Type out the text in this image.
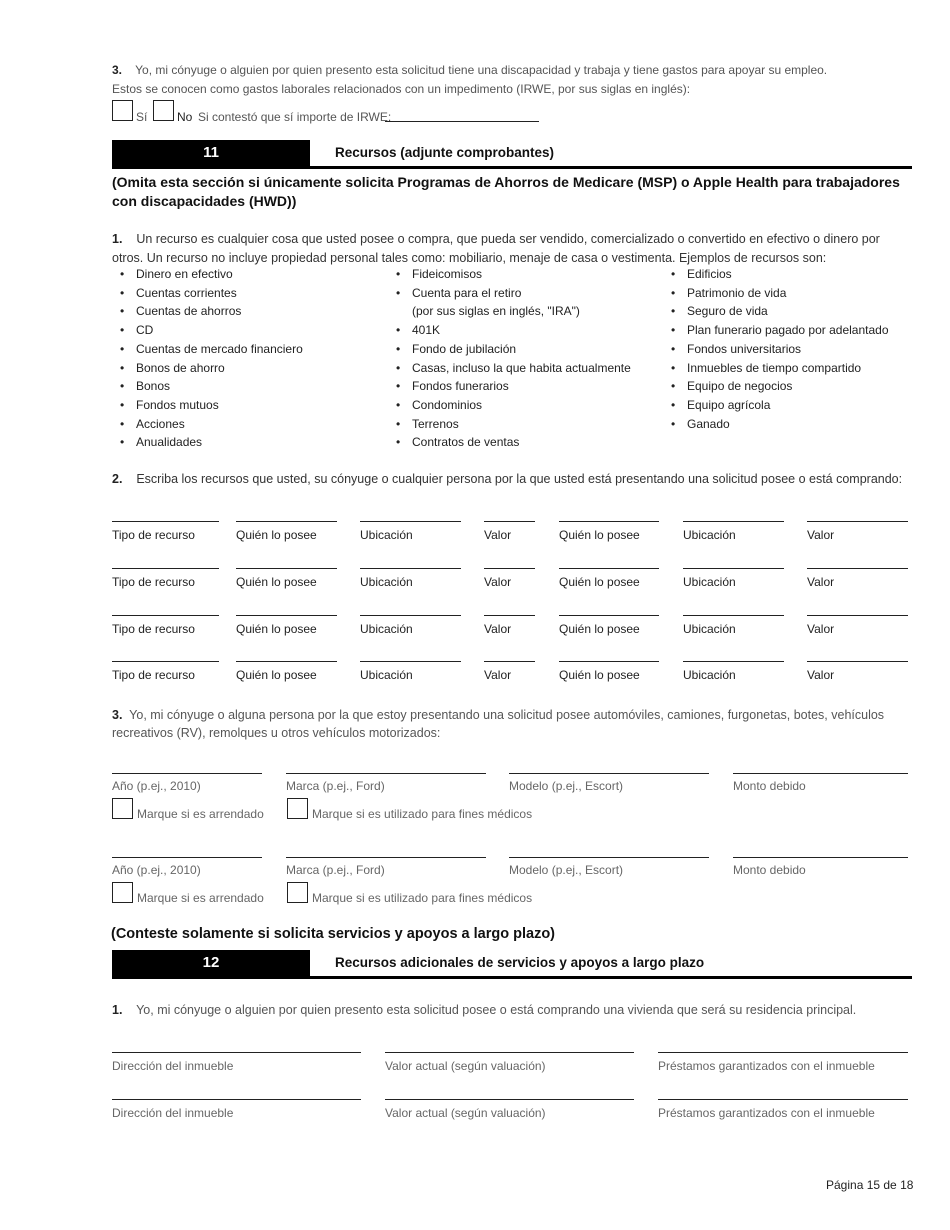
3. Yo, mi cónyuge o alguien por quien presento esta solicitud tiene una discapacidad y trabaja y tiene gastos para apoyar su empleo.
Estos se conocen como gastos laborales relacionados con un impedimento (IRWE, por sus siglas en inglés):
Sí No Si contestó que sí importe de IRWE:
11	Recursos (adjunte comprobantes)
(Omita esta sección si únicamente solicita Programas de Ahorros de Medicare (MSP) o Apple Health para trabajadores con discapacidades (HWD))
1. Un recurso es cualquier cosa que usted posee o compra, que pueda ser vendido, comercializado o convertido en efectivo o dinero por otros. Un recurso no incluye propiedad personal tales como: mobiliario, menaje de casa o vestimenta. Ejemplos de recursos son:
• Dinero en efectivo
• Cuentas corrientes
• Cuentas de ahorros
• CD
• Cuentas de mercado financiero
• Bonos de ahorro
• Bonos
• Fondos mutuos
• Acciones
• Anualidades
• Fideicomisos
• Cuenta para el retiro
(por sus siglas en inglés, "IRA")
• 401K
• Fondo de jubilación
• Casas, incluso la que habita actualmente
• Fondos funerarios
• Condominios
• Terrenos
• Contratos de ventas
• Edificios
• Patrimonio de vida
• Seguro de vida
• Plan funerario pagado por adelantado
• Fondos universitarios
• Inmuebles de tiempo compartido
• Equipo de negocios
• Equipo agrícola
• Ganado
2. Escriba los recursos que usted, su cónyuge o cualquier persona por la que usted está presentando una solicitud posee o está comprando:
Tipo de recurso	Quién lo posee	Ubicación	Valor	Quién lo posee	Ubicación	Valor
Tipo de recurso	Quién lo posee	Ubicación	Valor	Quién lo posee	Ubicación	Valor
Tipo de recurso	Quién lo posee	Ubicación	Valor	Quién lo posee	Ubicación	Valor
Tipo de recurso	Quién lo posee	Ubicación	Valor	Quién lo posee	Ubicación	Valor
3. Yo, mi cónyuge o alguna persona por la que estoy presentando una solicitud posee automóviles, camiones, furgonetas, botes, vehículos recreativos (RV), remolques u otros vehículos motorizados:
Año (p.ej., 2010)	Marca (p.ej., Ford)	Modelo (p.ej., Escort)	Monto debido
Marque si es arrendado	Marque si es utilizado para fines médicos
Año (p.ej., 2010)	Marca (p.ej., Ford)	Modelo (p.ej., Escort)	Monto debido
Marque si es arrendado	Marque si es utilizado para fines médicos
(Conteste solamente si solicita servicios y apoyos a largo plazo)
12	Recursos adicionales de servicios y apoyos a largo plazo
1. Yo, mi cónyuge o alguien por quien presento esta solicitud posee o está comprando una vivienda que será su residencia principal.
Dirección del inmueble	Valor actual (según valuación)	Préstamos garantizados con el inmueble
Dirección del inmueble	Valor actual (según valuación)	Préstamos garantizados con el inmueble
Página 15 de 18
